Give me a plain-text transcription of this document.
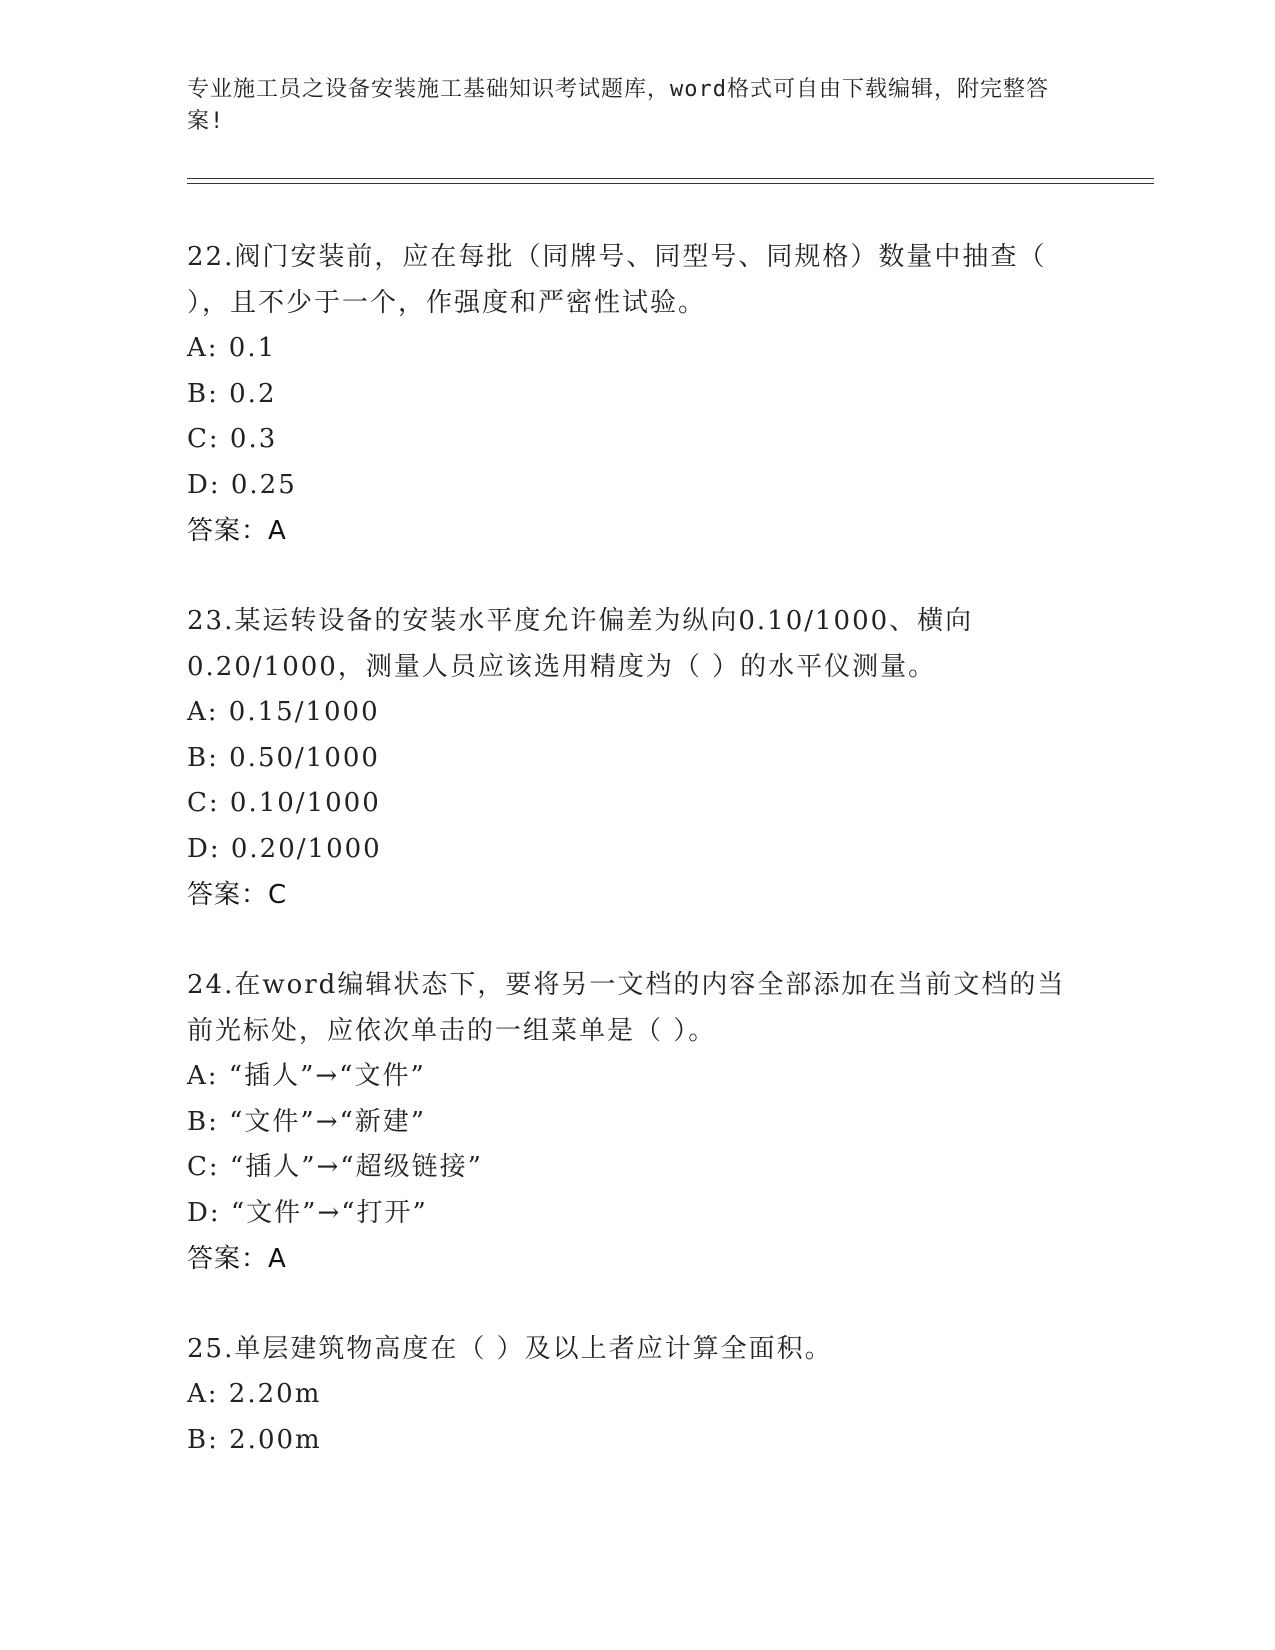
专业施工员之设备安装施工基础知识考试题库，word格式可自由下载编辑，附完整答案!
22.阀门安装前，应在每批（同牌号、同型号、同规格）数量中抽查（ ），且不少于一个，作强度和严密性试验。
A: 0.1
B: 0.2
C: 0.3
D: 0.25
答案：A
23.某运转设备的安装水平度允许偏差为纵向0.10/1000、横向0.20/1000，测量人员应该选用精度为（ ）的水平仪测量。
A: 0.15/1000
B: 0.50/1000
C: 0.10/1000
D: 0.20/1000
答案：C
24.在word编辑状态下，要将另一文档的内容全部添加在当前文档的当前光标处，应依次单击的一组菜单是（ ）。
A: “插人”→“文件”
B: “文件”→“新建”
C: “插人”→“超级链接”
D: “文件”→“打开”
答案：A
25.单层建筑物高度在（ ）及以上者应计算全面积。
A: 2.20m
B: 2.00m
